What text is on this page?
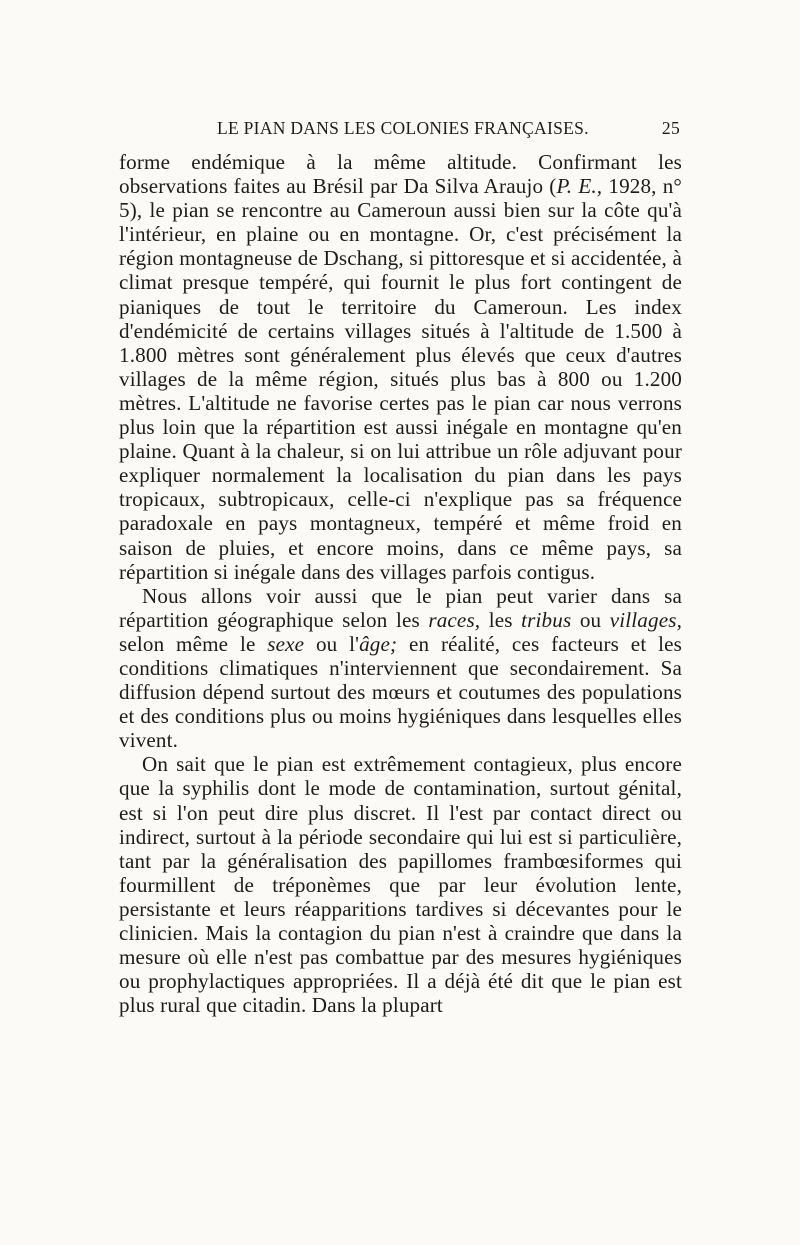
LE PIAN DANS LES COLONIES FRANÇAISES.	25

forme endémique à la même altitude. Confirmant les observations faites au Brésil par Da Silva Araujo (P. E., 1928, n° 5), le pian se rencontre au Cameroun aussi bien sur la côte qu'à l'intérieur, en plaine ou en montagne. Or, c'est précisément la région montagneuse de Dschang, si pittoresque et si accidentée, à climat presque tempéré, qui fournit le plus fort contingent de pianiques de tout le territoire du Cameroun. Les index d'endémicité de certains villages situés à l'altitude de 1.500 à 1.800 mètres sont généralement plus élevés que ceux d'autres villages de la même région, situés plus bas à 800 ou 1.200 mètres. L'altitude ne favorise certes pas le pian car nous verrons plus loin que la répartition est aussi inégale en montagne qu'en plaine. Quant à la chaleur, si on lui attribue un rôle adjuvant pour expliquer normalement la localisation du pian dans les pays tropicaux, subtropicaux, celle-ci n'explique pas sa fréquence paradoxale en pays montagneux, tempéré et même froid en saison de pluies, et encore moins, dans ce même pays, sa répartition si inégale dans des villages parfois contigus.

Nous allons voir aussi que le pian peut varier dans sa répartition géographique selon les races, les tribus ou villages, selon même le sexe ou l'âge; en réalité, ces facteurs et les conditions climatiques n'interviennent que secondairement. Sa diffusion dépend surtout des mœurs et coutumes des populations et des conditions plus ou moins hygiéniques dans lesquelles elles vivent.

On sait que le pian est extrêmement contagieux, plus encore que la syphilis dont le mode de contamination, surtout génital, est si l'on peut dire plus discret. Il l'est par contact direct ou indirect, surtout à la période secondaire qui lui est si particulière, tant par la généralisation des papillomes frambœsiformes qui fourmillent de tréponèmes que par leur évolution lente, persistante et leurs réapparitions tardives si décevantes pour le clinicien. Mais la contagion du pian n'est à craindre que dans la mesure où elle n'est pas combattue par des mesures hygiéniques ou prophylactiques appropriées. Il a déjà été dit que le pian est plus rural que citadin. Dans la plupart
